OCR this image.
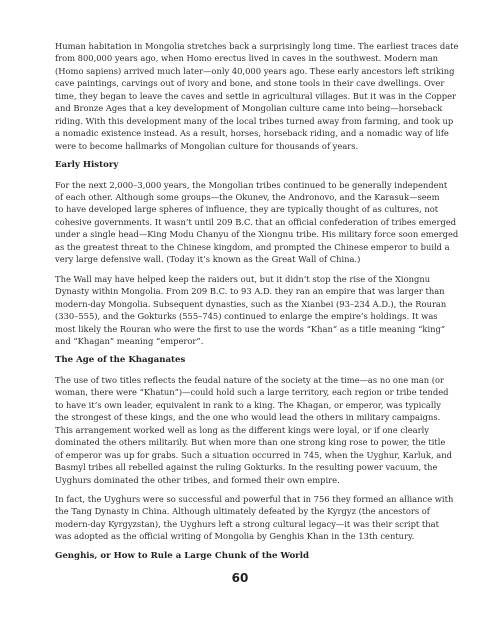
Human habitation in Mongolia stretches back a surprisingly long time. The earliest traces date
from 800,000 years ago, when Homo erectus lived in caves in the southwest. Modern man
(Homo sapiens) arrived much later—only 40,000 years ago. These early ancestors left striking
cave paintings, carvings out of ivory and bone, and stone tools in their cave dwellings. Over
time, they began to leave the caves and settle in agricultural villages. But it was in the Copper
and Bronze Ages that a key development of Mongolian culture came into being—horseback
riding. With this development many of the local tribes turned away from farming, and took up
a nomadic existence instead. As a result, horses, horseback riding, and a nomadic way of life
were to become hallmarks of Mongolian culture for thousands of years.

Early History

For the next 2,000–3,000 years, the Mongolian tribes continued to be generally independent
of each other. Although some groups—the Okunev, the Andronovo, and the Karasuk—seem
to have developed large spheres of influence, they are typically thought of as cultures, not
cohesive governments. It wasn’t until 209 B.C. that an official confederation of tribes emerged
under a single head—King Modu Chanyu of the Xiongnu tribe. His military force soon emerged
as the greatest threat to the Chinese kingdom, and prompted the Chinese emperor to build a
very large defensive wall. (Today it’s known as the Great Wall of China.)

The Wall may have helped keep the raiders out, but it didn’t stop the rise of the Xiongnu
Dynasty within Mongolia. From 209 B.C. to 93 A.D. they ran an empire that was larger than
modern-day Mongolia. Subsequent dynasties, such as the Xianbei (93–234 A.D.), the Rouran
(330–555), and the Gokturks (555–745) continued to enlarge the empire’s holdings. It was
most likely the Rouran who were the first to use the words “Khan” as a title meaning “king”
and “Khagan” meaning “emperor”.

The Age of the Khaganates

The use of two titles reflects the feudal nature of the society at the time—as no one man (or
woman, there were “Khatun”)—could hold such a large territory, each region or tribe tended
to have it’s own leader, equivalent in rank to a king. The Khagan, or emperor, was typically
the strongest of these kings, and the one who would lead the others in military campaigns.
This arrangement worked well as long as the different kings were loyal, or if one clearly
dominated the others militarily. But when more than one strong king rose to power, the title
of emperor was up for grabs. Such a situation occurred in 745, when the Uyghur, Karluk, and
Basmyl tribes all rebelled against the ruling Gokturks. In the resulting power vacuum, the
Uyghurs dominated the other tribes, and formed their own empire.

In fact, the Uyghurs were so successful and powerful that in 756 they formed an alliance with
the Tang Dynasty in China. Although ultimately defeated by the Kyrgyz (the ancestors of
modern-day Kyrgyzstan), the Uyghurs left a strong cultural legacy—it was their script that
was adopted as the official writing of Mongolia by Genghis Khan in the 13th century.

Genghis, or How to Rule a Large Chunk of the World
60
